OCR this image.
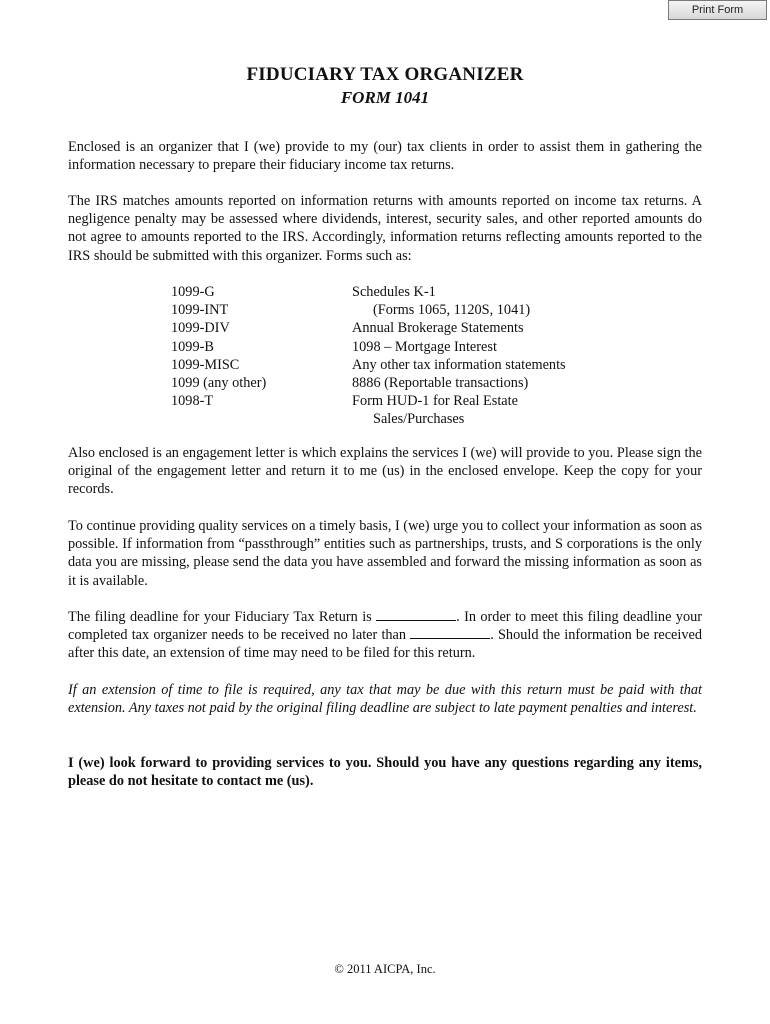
Print Form
FIDUCIARY TAX ORGANIZER
FORM 1041

Enclosed is an organizer that I (we) provide to my (our) tax clients in order to assist them in gathering the information necessary to prepare their fiduciary income tax returns.

The IRS matches amounts reported on information returns with amounts reported on income tax returns. A negligence penalty may be assessed where dividends, interest, security sales, and other reported amounts do not agree to amounts reported to the IRS. Accordingly, information returns reflecting amounts reported to the IRS should be submitted with this organizer. Forms such as:

1099-G
1099-INT
1099-DIV
1099-B
1099-MISC
1099 (any other)
1098-T
Schedules K-1
(Forms 1065, 1120S, 1041)
Annual Brokerage Statements
1098 – Mortgage Interest
Any other tax information statements
8886 (Reportable transactions)
Form HUD-1 for Real Estate
Sales/Purchases

Also enclosed is an engagement letter is which explains the services I (we) will provide to you. Please sign the original of the engagement letter and return it to me (us) in the enclosed envelope. Keep the copy for your records.

To continue providing quality services on a timely basis, I (we) urge you to collect your information as soon as possible. If information from “passthrough” entities such as partnerships, trusts, and S corporations is the only data you are missing, please send the data you have assembled and forward the missing information as soon as it is available.

The filing deadline for your Fiduciary Tax Return is	. In order to meet this filing deadline your completed tax organizer needs to be received no later than	. Should the information be received after this date, an extension of time may need to be filed for this return.

If an extension of time to file is required, any tax that may be due with this return must be paid with that extension. Any taxes not paid by the original filing deadline are subject to late payment penalties and interest.

I (we) look forward to providing services to you. Should you have any questions regarding any items, please do not hesitate to contact me (us).

© 2011 AICPA, Inc.
